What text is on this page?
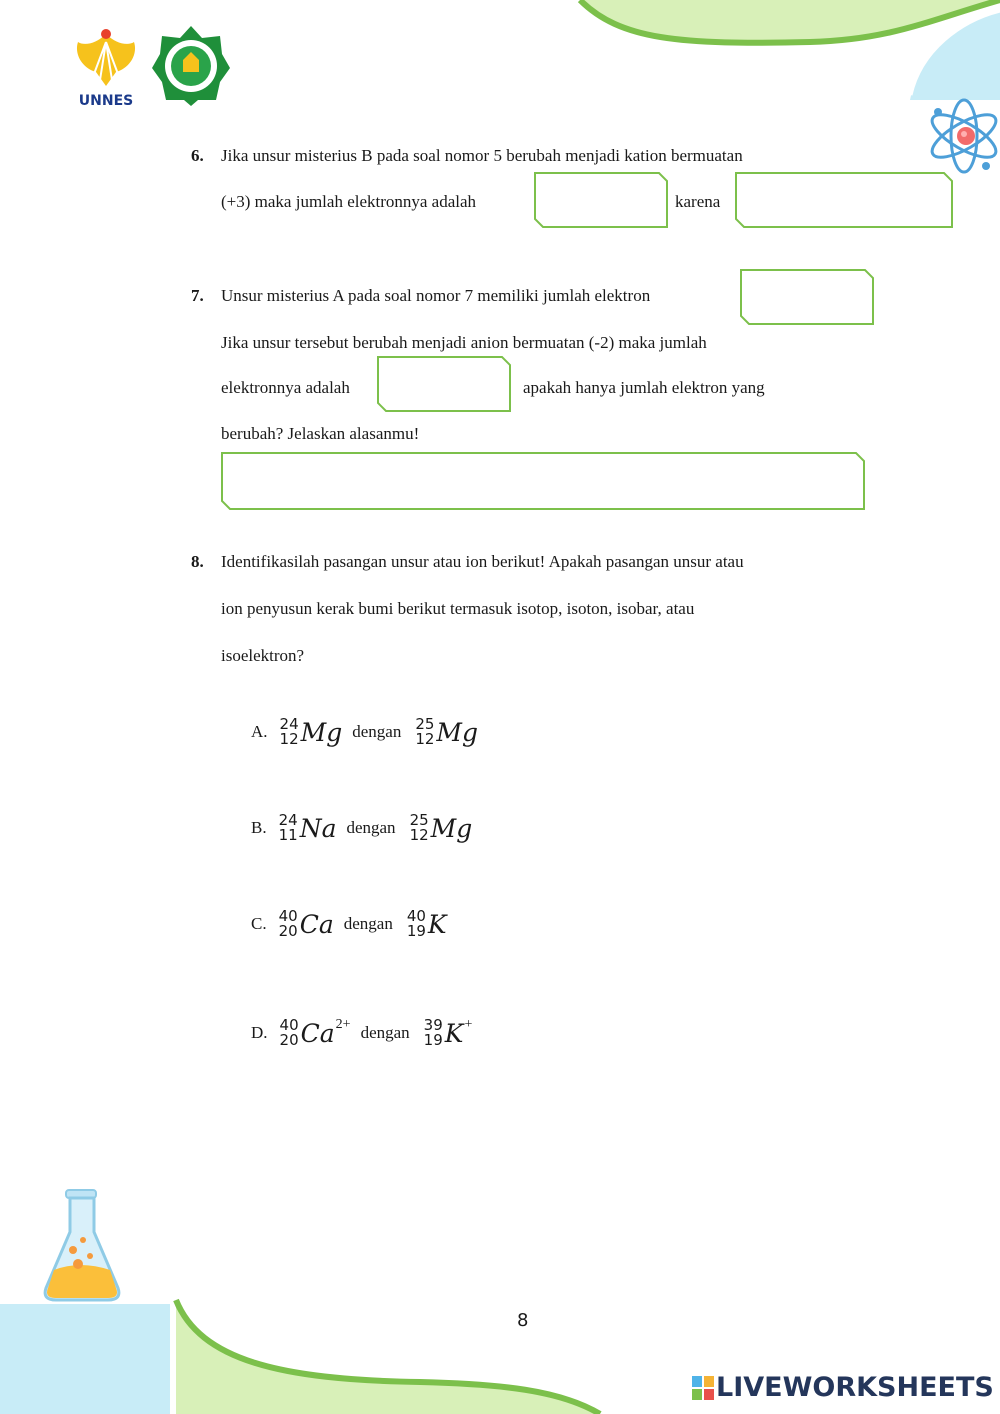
UNNES
6. Jika unsur misterius B pada soal nomor 5 berubah menjadi kation bermuatan
(+3) maka jumlah elektronnya adalah	karena
7. Unsur misterius A pada soal nomor 7 memiliki jumlah elektron
Jika unsur tersebut berubah menjadi anion bermuatan (-2) maka jumlah
elektronnya adalah	apakah hanya jumlah elektron yang
berubah? Jelaskan alasanmu!
8. Identifikasilah pasangan unsur atau ion berikut! Apakah pasangan unsur atau
ion penyusun kerak bumi berikut termasuk isotop, isoton, isobar, atau
isoelektron?
A. 24
12 Mg dengan 25
12 Mg
B. 24
11 Na dengan 25
12 Mg
C. 40
20 Ca dengan 40
19 K
D. 40
20 Ca 2+ dengan 39
19 K +
8
LIVEWORKSHEETS
